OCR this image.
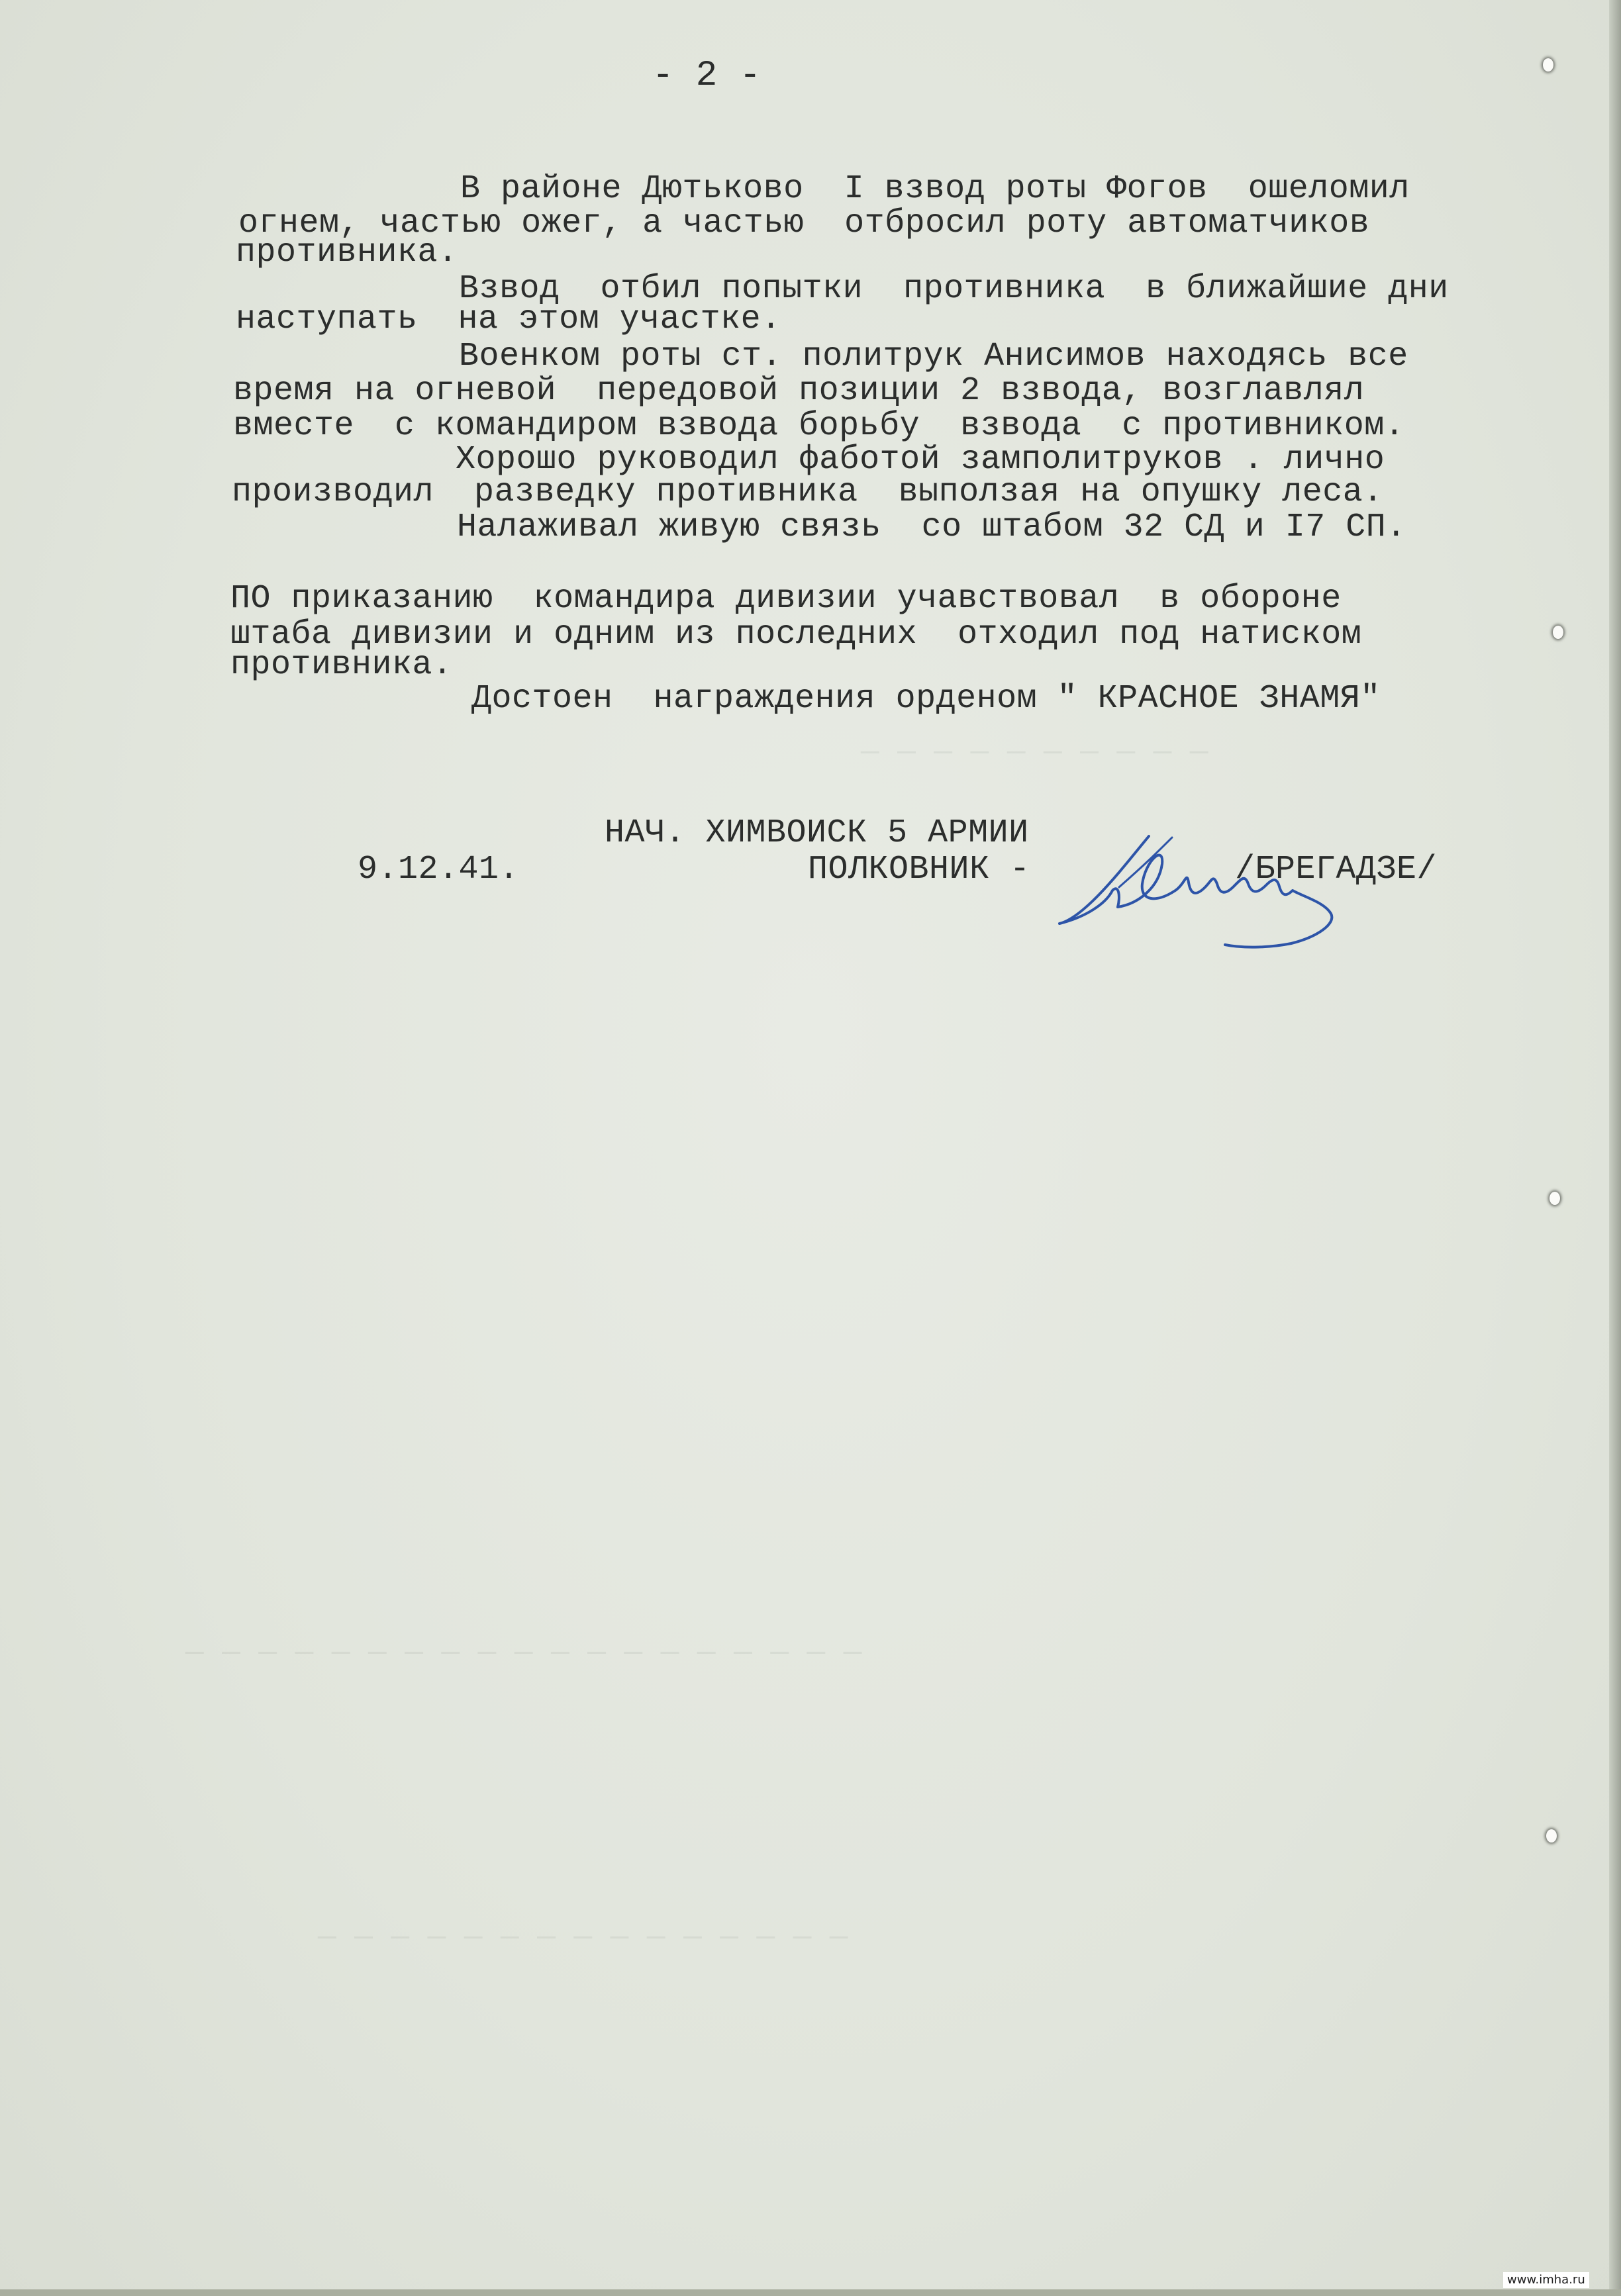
— — — — — — — — — —
— — — — — — — — — — — — — — — — — — —
— — — — — — — — — — — — — — —
- 2 -
В районе Дютьково  I взвод роты Фогов  ошеломил
огнем, частью ожег, а частью  отбросил роту автоматчиков
противника.
Взвод  отбил попытки  противника  в ближайшие дни
наступать  на этом участке.
Военком роты ст. политрук Анисимов находясь все
время на огневой  передовой позиции 2 взвода, возглавлял
вместе  с командиром взвода борьбу  взвода  с противником.
Хорошо руководил фаботой замполитруков . лично
производил  разведку противника  выползая на опушку леса.
Налаживал живую связь  со штабом 32 СД и I7 СП.
ПО приказанию  командира дивизии учавствовал  в обороне
штаба дивизии и одним из последних  отходил под натиском
противника.
Достоен  награждения орденом " КРАСНОЕ ЗНАМЯ"
НАЧ. ХИМВОИСК 5 АРМИИ
9.12.41.	ПОЛКОВНИК -	/БРЕГАДЗЕ/
www.imha.ru
